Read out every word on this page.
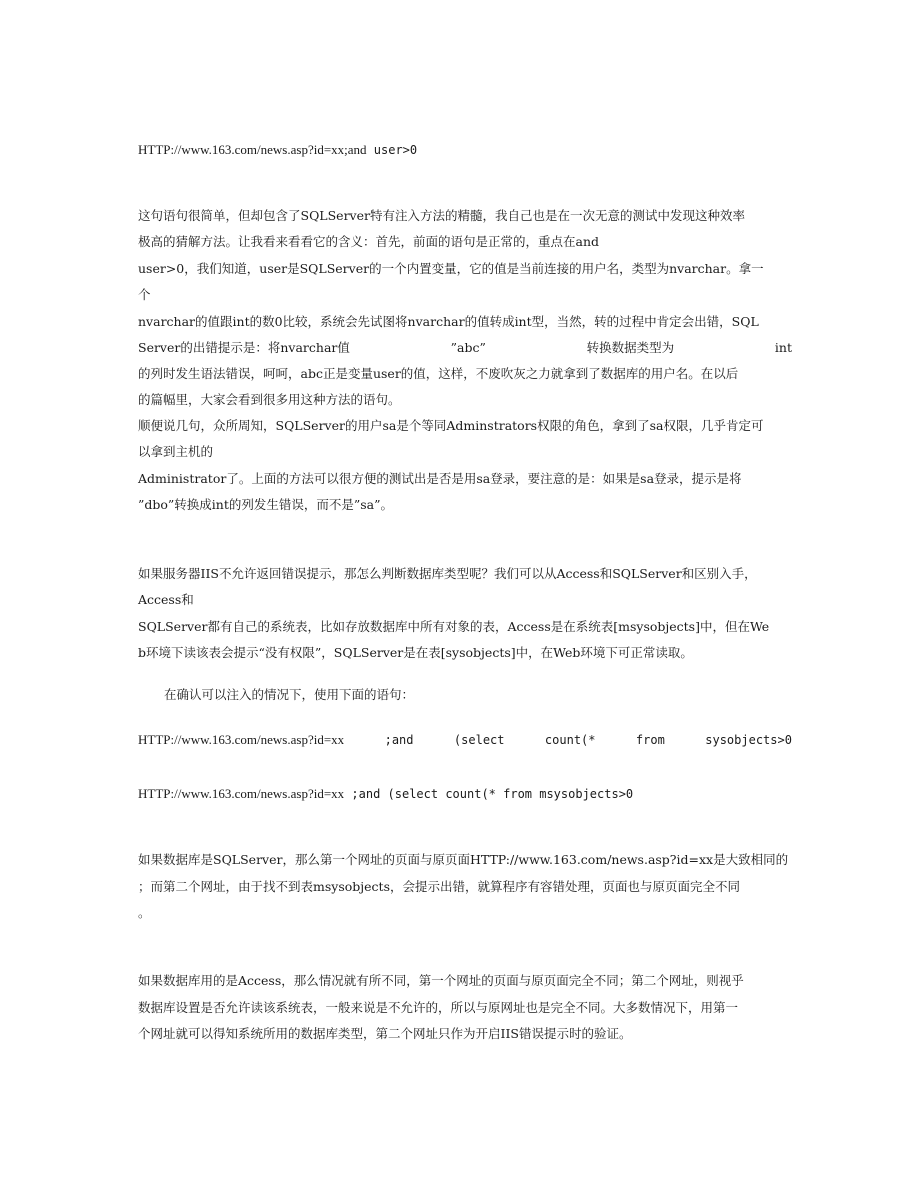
HTTP://www.163.com/news.asp?id=xx;and user>0
这句语句很简单，但却包含了SQLServer特有注入方法的精髓，我自己也是在一次无意的测试中发现这种效率
极高的猜解方法。让我看来看看它的含义：首先，前面的语句是正常的，重点在and
user>0，我们知道，user是SQLServer的一个内置变量，它的值是当前连接的用户名，类型为nvarchar。拿一
个
nvarchar的值跟int的数0比较，系统会先试图将nvarchar的值转成int型，当然，转的过程中肯定会出错，SQL
Server的出错提示是：将nvarchar值	”abc”	转换数据类型为	int
的列时发生语法错误，呵呵，abc正是变量user的值，这样，不废吹灰之力就拿到了数据库的用户名。在以后
的篇幅里，大家会看到很多用这种方法的语句。
顺便说几句，众所周知，SQLServer的用户sa是个等同Adminstrators权限的角色，拿到了sa权限，几乎肯定可
以拿到主机的
Administrator了。上面的方法可以很方便的测试出是否是用sa登录，要注意的是：如果是sa登录，提示是将
”dbo”转换成int的列发生错误，而不是”sa”。
如果服务器IIS不允许返回错误提示，那怎么判断数据库类型呢？我们可以从Access和SQLServer和区别入手，
Access和
SQLServer都有自己的系统表，比如存放数据库中所有对象的表，Access是在系统表[msysobjects]中，但在We
b环境下读该表会提示“没有权限”，SQLServer是在表[sysobjects]中，在Web环境下可正常读取。
在确认可以注入的情况下，使用下面的语句：
HTTP://www.163.com/news.asp?id=xx	;and	(select	count(*	from	sysobjects>0
HTTP://www.163.com/news.asp?id=xx ;and (select count(* from msysobjects>0
如果数据库是SQLServer，那么第一个网址的页面与原页面HTTP://www.163.com/news.asp?id=xx是大致相同的
；而第二个网址，由于找不到表msysobjects，会提示出错，就算程序有容错处理，页面也与原页面完全不同
。
如果数据库用的是Access，那么情况就有所不同，第一个网址的页面与原页面完全不同；第二个网址，则视乎
数据库设置是否允许读该系统表，一般来说是不允许的，所以与原网址也是完全不同。大多数情况下，用第一
个网址就可以得知系统所用的数据库类型，第二个网址只作为开启IIS错误提示时的验证。
